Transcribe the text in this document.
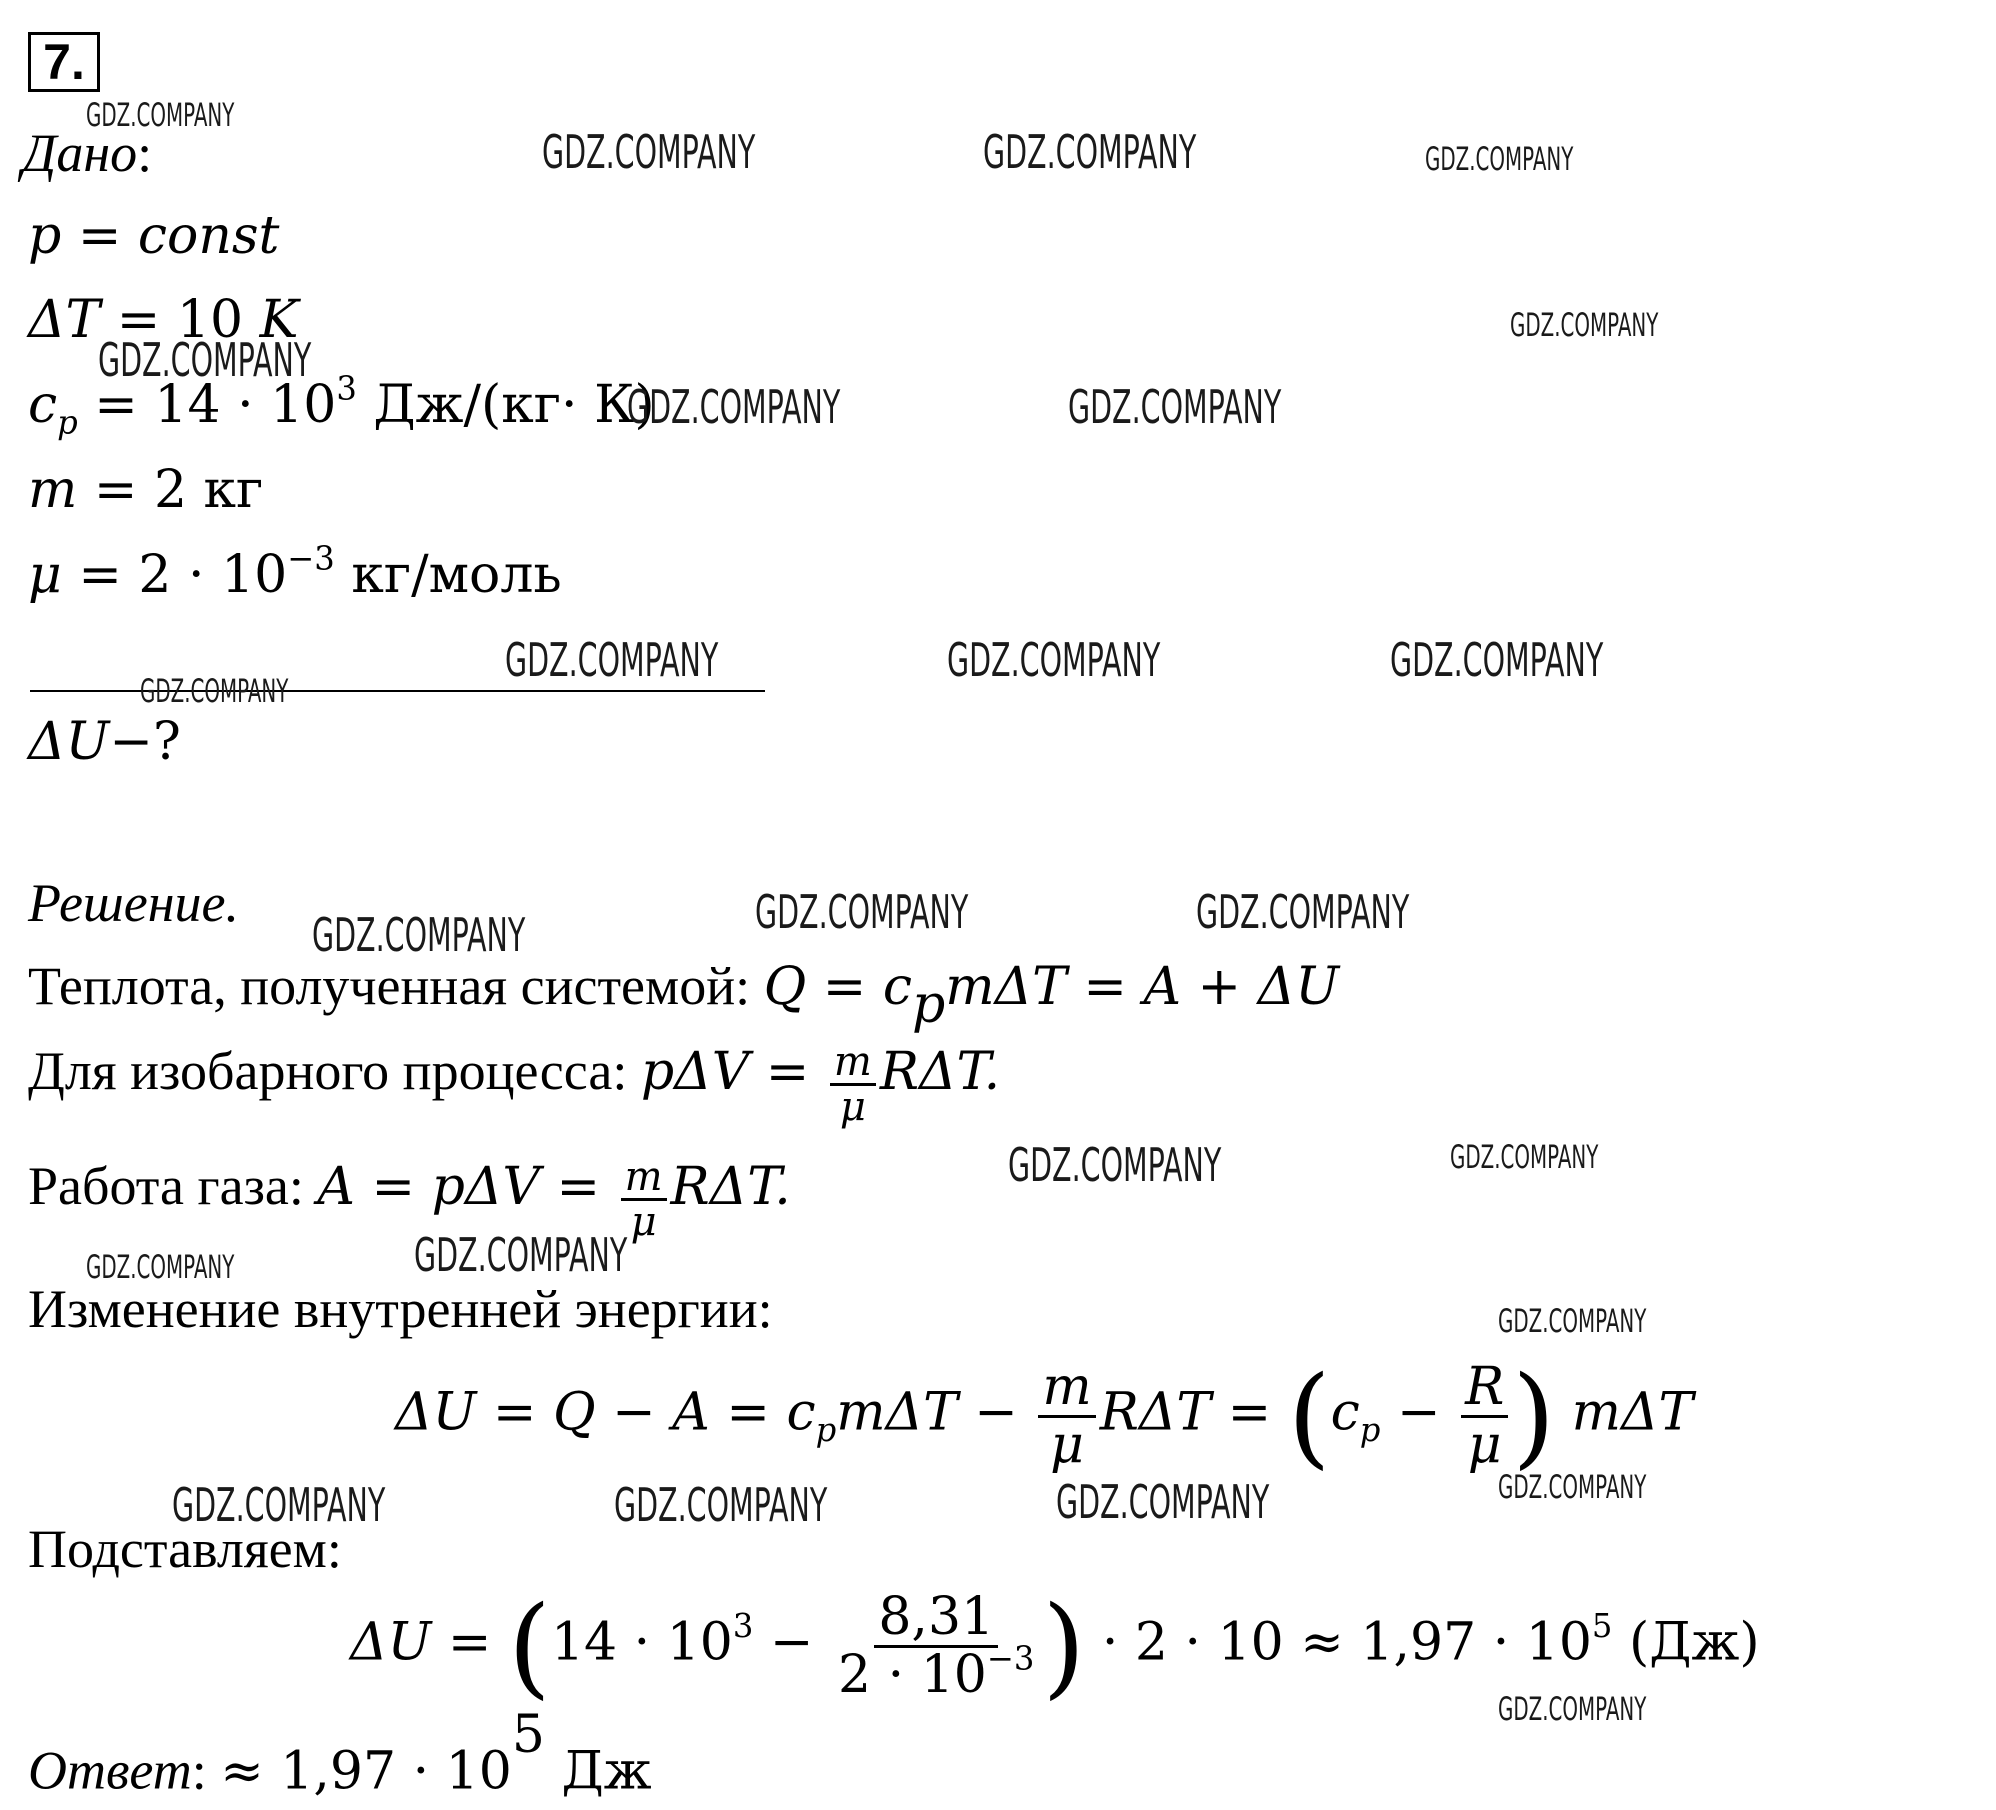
7.
Дано:
p = const
ΔT = 10 K
$c_p = 14 \cdot 10^3$ Дж/(кг· К)
m = 2 кг
$\mu = 2 \cdot 10^{-3}$ кг/моль
ΔU−?
Решение.
Теплота, полученная системой: $Q = c_pm\Delta T = A + \Delta U$
Для изобарного процесса: $p\Delta V = \frac{m}{\mu} R\Delta T$.
Работа газа: $A = p\Delta V = \frac{m}{\mu} R\Delta T$.
Изменение внутренней энергии:
$\Delta U = Q - A = c_pm\Delta T - \frac{m}{\mu}$ $R\Delta T = (c_p - \frac{R}{\mu}$ ) mΔT
Подставляем:
$\Delta U = (14 \cdot 10^3 - \frac{8,31}{2 \cdot 10^{-3}}$ ) · $2 \cdot 10 \approx 1,97 \cdot 10^5$ (Дж)
Ответ: ≈ $1,97 \cdot 10^5$ Дж
GDZ.COMPANY
GDZ.COMPANY	GDZ.COMPANY	GDZ.COMPANY
GDZ.COMPANY
GDZ.COMPANY
GDZ.COMPANY	GDZ.COMPANY
GDZ.COMPANY	GDZ.COMPANY	GDZ.COMPANY
GDZ.COMPANY
GDZ.COMPANY	GDZ.COMPANY
GDZ.COMPANY
GDZ.COMPANY	GDZ.COMPANY
GDZ.COMPANY
GDZ.COMPANY
GDZ.COMPANY
GDZ.COMPANY
GDZ.COMPANY	GDZ.COMPANY	GDZ.COMPANY
GDZ.COMPANY
